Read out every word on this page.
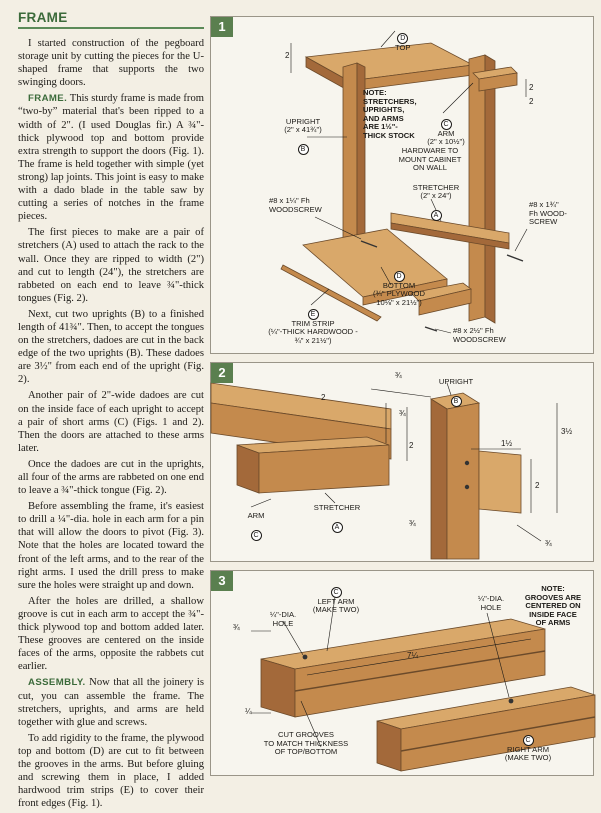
FRAME

I started construction of the pegboard storage unit by cutting the pieces for the U-shaped frame that supports the two swinging doors.

FRAME. This sturdy frame is made from “two-by” material that's been ripped to a width of 2". (I used Douglas fir.) A ¾"-thick plywood top and bottom provide extra strength to support the doors (Fig. 1). The frame is held together with simple (yet strong) lap joints. This joint is easy to make with a dado blade in the table saw by cutting a series of notches in the frame pieces.

The first pieces to make are a pair of stretchers (A) used to attach the rack to the wall. Once they are ripped to width (2") and cut to length (24"), the stretchers are rabbeted on each end to leave ¾"-thick tongues (Fig. 2).

Next, cut two uprights (B) to a finished length of 41¾". Then, to accept the tongues on the stretchers, dadoes are cut in the back edge of the two uprights (B). These dadoes are 3½" from each end of the upright (Fig. 2).

Another pair of 2"-wide dadoes are cut on the inside face of each upright to accept a pair of short arms (C) (Figs. 1 and 2). Then the doors are attached to these arms later.

Once the dadoes are cut in the uprights, all four of the arms are rabbeted on one end to leave a ¾"-thick tongue (Fig. 2).

Before assembling the frame, it's easiest to drill a ¼"-dia. hole in each arm for a pin that will allow the doors to pivot (Fig. 3). Note that the holes are located toward the front of the left arms, and to the rear of the right arms. I used the drill press to make sure the holes were straight up and down.

After the holes are drilled, a shallow groove is cut in each arm to accept the ¾"-thick plywood top and bottom added later. These grooves are centered on the inside faces of the arms, opposite the rabbets cut earlier.

ASSEMBLY. Now that all the joinery is cut, you can assemble the frame. The stretchers, uprights, and arms are held together with glue and screws.

To add rigidity to the frame, the plywood top and bottom (D) are cut to fit between the grooves in the arms. But before gluing and screwing them in place, I added hardwood trim strips (E) to cover their front edges (Fig. 1).

1

D
TOP

2
2
2
NOTE:
STRETCHERS,
UPRIGHTS,
AND ARMS
ARE 1½"-
THICK STOCK

UPRIGHT
(2" x 41¾")

B

C

ARM
(2" x 10½")

HARDWARE TO
MOUNT CABINET
ON WALL

STRETCHER
(2" x 24")

A

#8 x 1¼" Fh
WOODSCREW
#8 x 1¾"
Fh WOOD-
SCREW

D

BOTTOM
(¾" PLYWOOD
10⅛" x 21½")

E

TRIM STRIP
(¼"-THICK HARDWOOD -
¾" x 21½")

#8 x 2½" Fh
WOODSCREW
2

UPRIGHT

B

ARM

C

STRETCHER

A

2
¾
¾
1½
3½
2
2
¾
¾
3

C

LEFT ARM
(MAKE TWO)

¼"-DIA.
HOLE
¼"-DIA.
HOLE
NOTE:
GROOVES ARE
CENTERED ON
INSIDE FACE
OF ARMS
7¼
¾
¼
CUT GROOVES
TO MATCH THICKNESS
OF TOP/BOTTOM

C

RIGHT ARM
(MAKE TWO)
